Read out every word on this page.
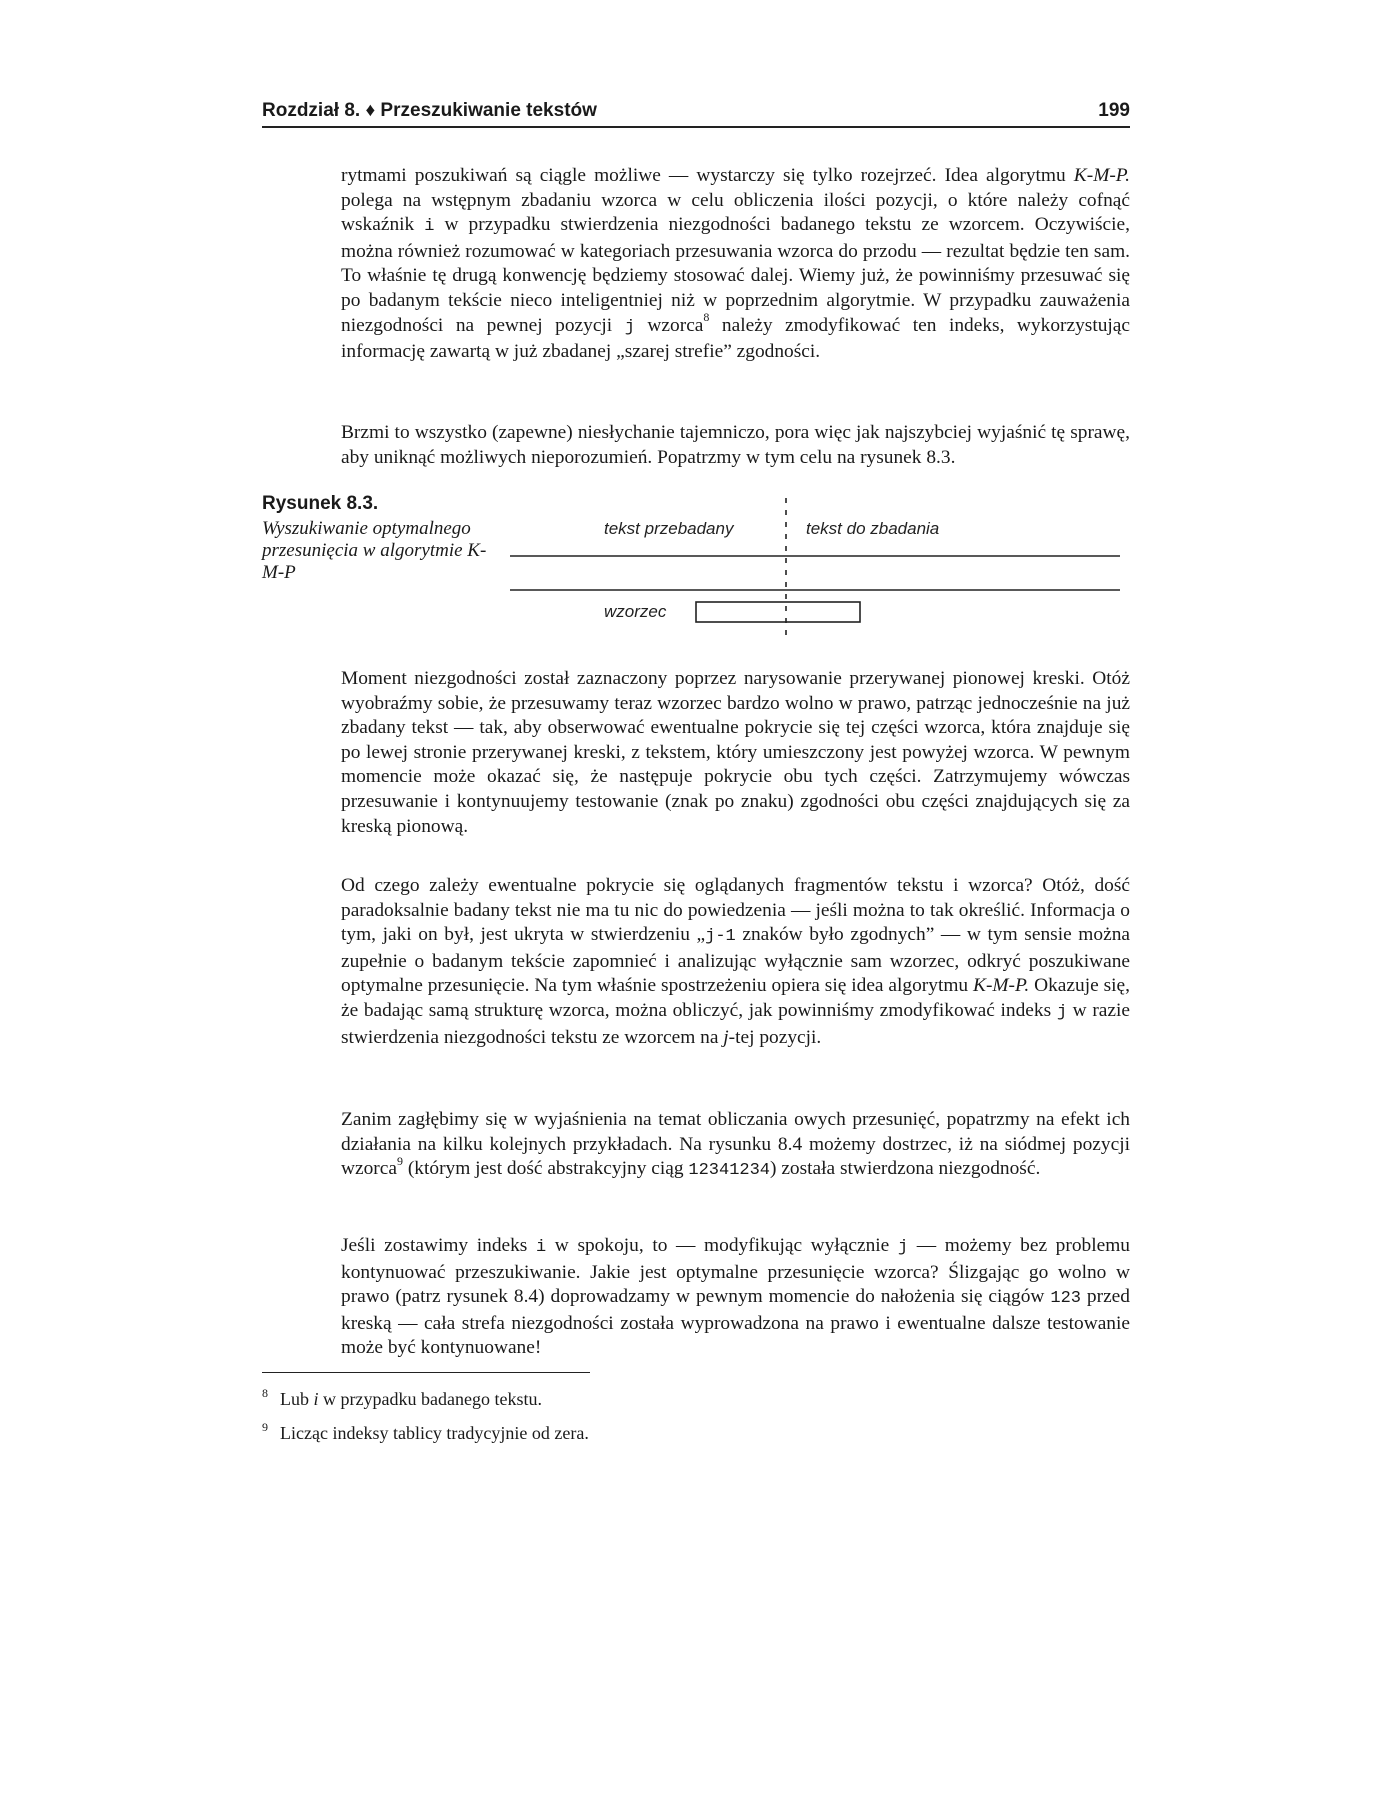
Rozdział 8. ♦ Przeszukiwanie tekstów	199

rytmami poszukiwań są ciągle możliwe — wystarczy się tylko rozejrzeć. Idea algorytmu K-M-P. polega na wstępnym zbadaniu wzorca w celu obliczenia ilości pozycji, o które należy cofnąć wskaźnik i w przypadku stwierdzenia niezgodności badanego tekstu ze wzorcem. Oczywiście, można również rozumować w kategoriach przesuwania wzorca do przodu — rezultat będzie ten sam. To właśnie tę drugą konwencję będziemy stosować dalej. Wiemy już, że powinniśmy przesuwać się po badanym tekście nieco inteligentniej niż w poprzednim algorytmie. W przypadku zauważenia niezgodności na pewnej pozycji j wzorca$^8$ należy zmodyfikować ten indeks, wykorzystując informację zawartą w już zbadanej „szarej strefie” zgodności.

Brzmi to wszystko (zapewne) niesłychanie tajemniczo, pora więc jak najszybciej wyjaśnić tę sprawę, aby uniknąć możliwych nieporozumień. Popatrzmy w tym celu na rysunek 8.3.

Rysunek 8.3.
Wyszukiwanie optymalnego przesunięcia w algorytmie K-M-P
tekst przebadany	tekst do zbadania
wzorzec

Moment niezgodności został zaznaczony poprzez narysowanie przerywanej pionowej kreski. Otóż wyobraźmy sobie, że przesuwamy teraz wzorzec bardzo wolno w prawo, patrząc jednocześnie na już zbadany tekst — tak, aby obserwować ewentualne pokrycie się tej części wzorca, która znajduje się po lewej stronie przerywanej kreski, z tekstem, który umieszczony jest powyżej wzorca. W pewnym momencie może okazać się, że następuje pokrycie obu tych części. Zatrzymujemy wówczas przesuwanie i kontynuujemy testowanie (znak po znaku) zgodności obu części znajdujących się za kreską pionową.

Od czego zależy ewentualne pokrycie się oglądanych fragmentów tekstu i wzorca? Otóż, dość paradoksalnie badany tekst nie ma tu nic do powiedzenia — jeśli można to tak określić. Informacja o tym, jaki on był, jest ukryta w stwierdzeniu „j-1 znaków było zgodnych” — w tym sensie można zupełnie o badanym tekście zapomnieć i analizując wyłącznie sam wzorzec, odkryć poszukiwane optymalne przesunięcie. Na tym właśnie spostrzeżeniu opiera się idea algorytmu K-M-P. Okazuje się, że badając samą strukturę wzorca, można obliczyć, jak powinniśmy zmodyfikować indeks j w razie stwierdzenia niezgodności tekstu ze wzorcem na j-tej pozycji.

Zanim zagłębimy się w wyjaśnienia na temat obliczania owych przesunięć, popatrzmy na efekt ich działania na kilku kolejnych przykładach. Na rysunku 8.4 możemy dostrzec, iż na siódmej pozycji wzorca$^9$ (którym jest dość abstrakcyjny ciąg 12341234) została stwierdzona niezgodność.

Jeśli zostawimy indeks i w spokoju, to — modyfikując wyłącznie j — możemy bez problemu kontynuować przeszukiwanie. Jakie jest optymalne przesunięcie wzorca? Ślizgając go wolno w prawo (patrz rysunek 8.4) doprowadzamy w pewnym momencie do nałożenia się ciągów 123 przed kreską — cała strefa niezgodności została wyprowadzona na prawo i ewentualne dalsze testowanie może być kontynuowane!

8 Lub i w przypadku badanego tekstu.
9 Licząc indeksy tablicy tradycyjnie od zera.
